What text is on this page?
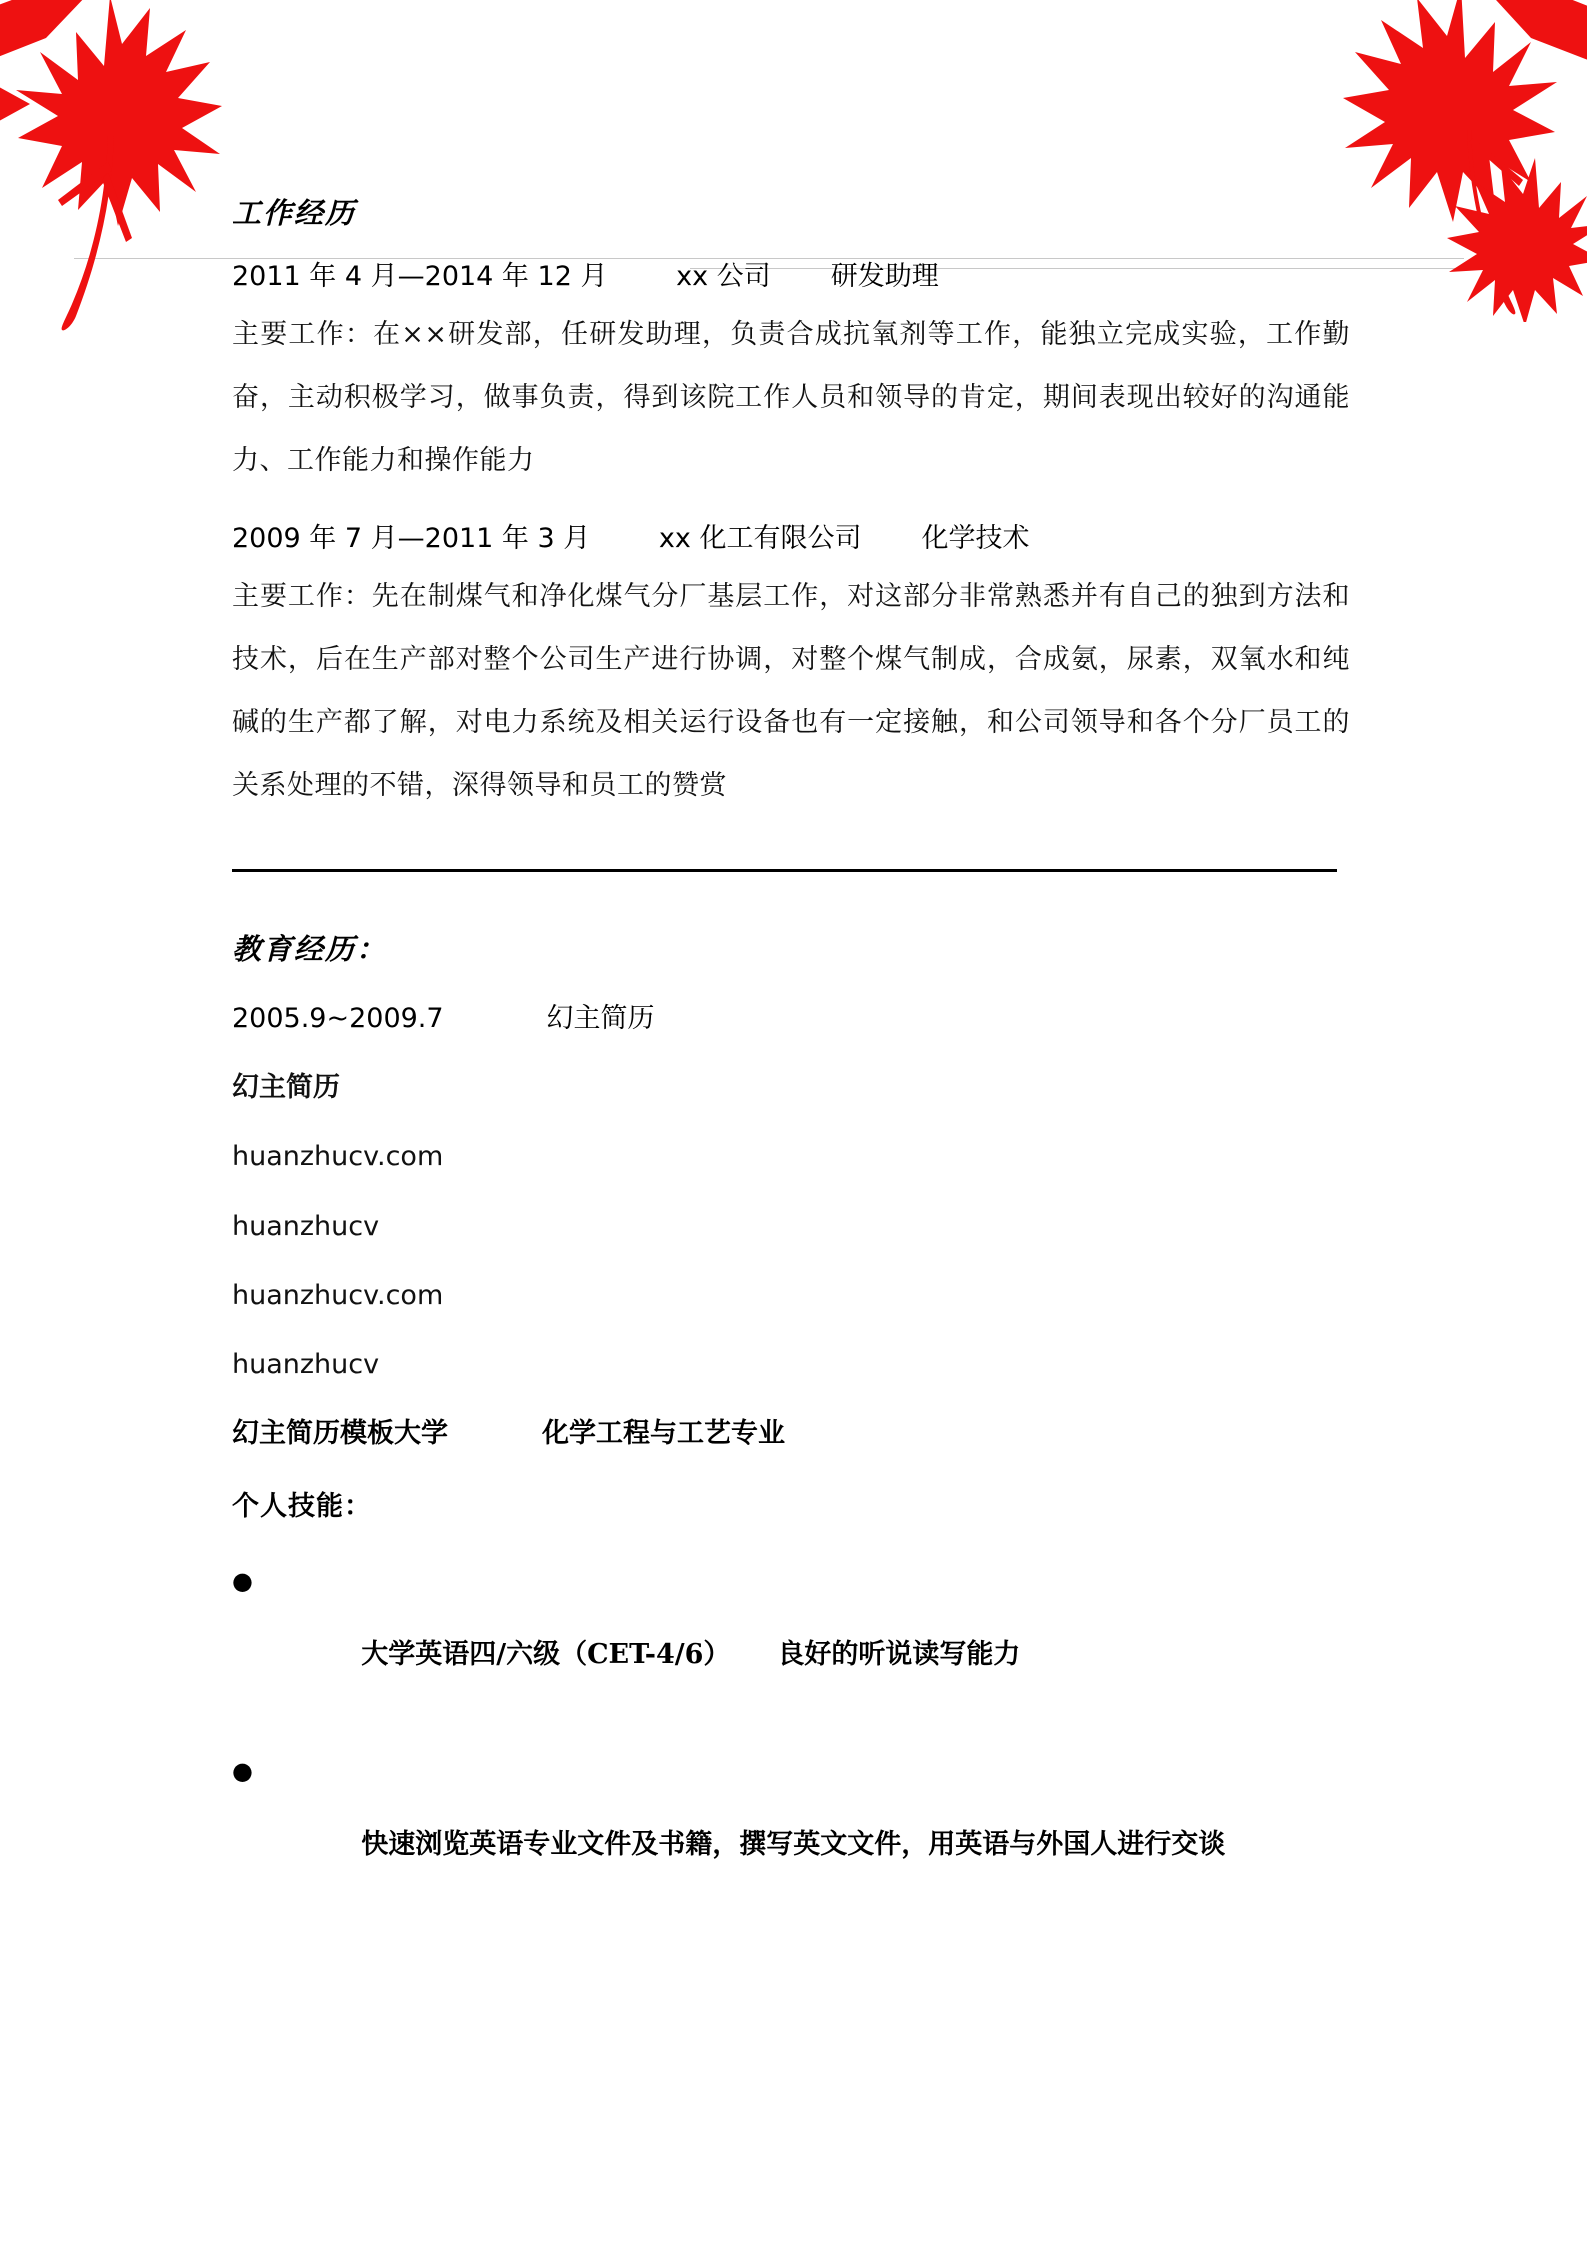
工作经历

2011 年 4 月—2014 年 12 月        xx 公司       研发助理

主要工作：在××研发部，任研发助理，负责合成抗氧剂等工作，能独立完成实验，工作勤奋，主动积极学习，做事负责，得到该院工作人员和领导的肯定，期间表现出较好的沟通能力、工作能力和操作能力

2009 年 7 月—2011 年 3 月        xx 化工有限公司       化学技术

主要工作：先在制煤气和净化煤气分厂基层工作，对这部分非常熟悉并有自己的独到方法和技术，后在生产部对整个公司生产进行协调，对整个煤气制成，合成氨，尿素，双氧水和纯碱的生产都了解，对电力系统及相关运行设备也有一定接触，和公司领导和各个分厂员工的关系处理的不错，深得领导和员工的赞赏

教育经历：

2005.9~2009.7            幻主简历

幻主简历

huanzhucv.com

huanzhucv

huanzhucv.com

huanzhucv

幻主简历模板大学          化学工程与工艺专业

个人技能：

●

大学英语四/六级（CET-4/6）     良好的听说读写能力

●

快速浏览英语专业文件及书籍，撰写英文文件，用英语与外国人进行交谈
